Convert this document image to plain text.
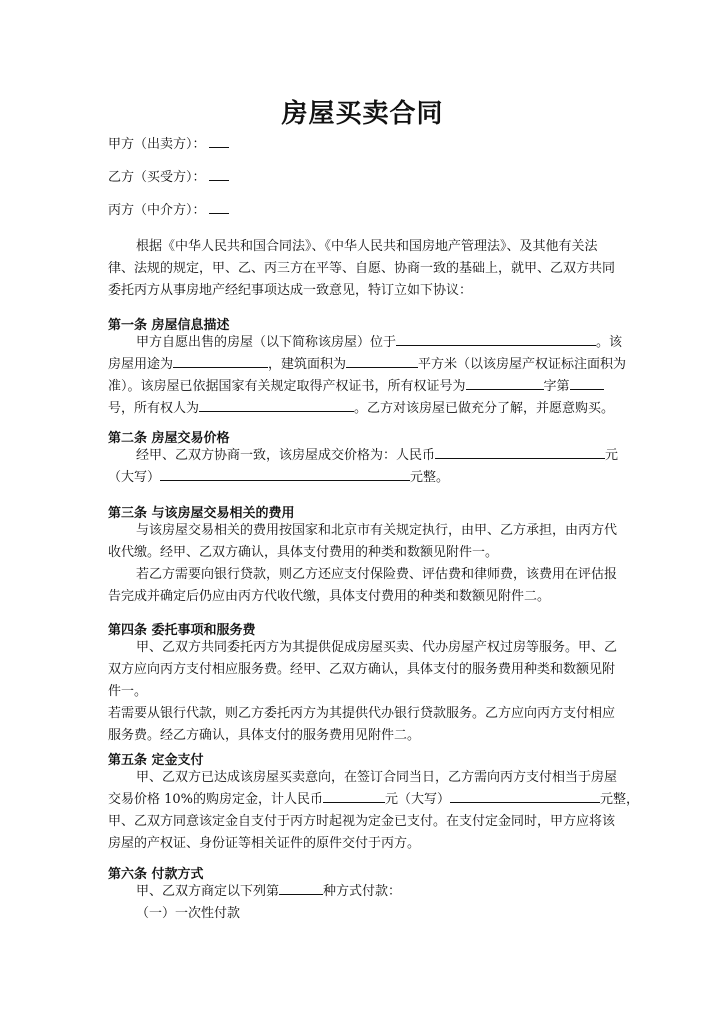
房屋买卖合同
甲方（出卖方）：
乙方（买受方）：
丙方（中介方）：
根据《中华人民共和国合同法》、《中华人民共和国房地产管理法》、及其他有关法
律、法规的规定，甲、乙、丙三方在平等、自愿、协商一致的基础上，就甲、乙双方共同
委托丙方从事房地产经纪事项达成一致意见，特订立如下协议：
第一条 房屋信息描述
甲方自愿出售的房屋（以下简称该房屋）位于	。该
房屋用途为	，建筑面积为	平方米（以该房屋产权证标注面积为
准）。该房屋已依据国家有关规定取得产权证书，所有权证号为	字第
号，所有权人为	。乙方对该房屋已做充分了解，并愿意购买。
第二条 房屋交易价格
经甲、乙双方协商一致，该房屋成交价格为：人民币	元
（大写）	元整。
第三条 与该房屋交易相关的费用
与该房屋交易相关的费用按国家和北京市有关规定执行，由甲、乙方承担，由丙方代
收代缴。经甲、乙双方确认，具体支付费用的种类和数额见附件一。
若乙方需要向银行贷款，则乙方还应支付保险费、评估费和律师费，该费用在评估报
告完成并确定后仍应由丙方代收代缴，具体支付费用的种类和数额见附件二。
第四条 委托事项和服务费
甲、乙双方共同委托丙方为其提供促成房屋买卖、代办房屋产权过房等服务。甲、乙
双方应向丙方支付相应服务费。经甲、乙双方确认，具体支付的服务费用种类和数额见附
件一。
若需要从银行代款，则乙方委托丙方为其提供代办银行贷款服务。乙方应向丙方支付相应
服务费。经乙方确认，具体支付的服务费用见附件二。
第五条 定金支付
甲、乙双方已达成该房屋买卖意向，在签订合同当日，乙方需向丙方支付相当于房屋
交易价格 10%的购房定金，计人民币	元（大写）	元整，
甲、乙双方同意该定金自支付于丙方时起视为定金已支付。在支付定金同时，甲方应将该
房屋的产权证、身份证等相关证件的原件交付于丙方。
第六条 付款方式
甲、乙双方商定以下列第	种方式付款：
（一）一次性付款
